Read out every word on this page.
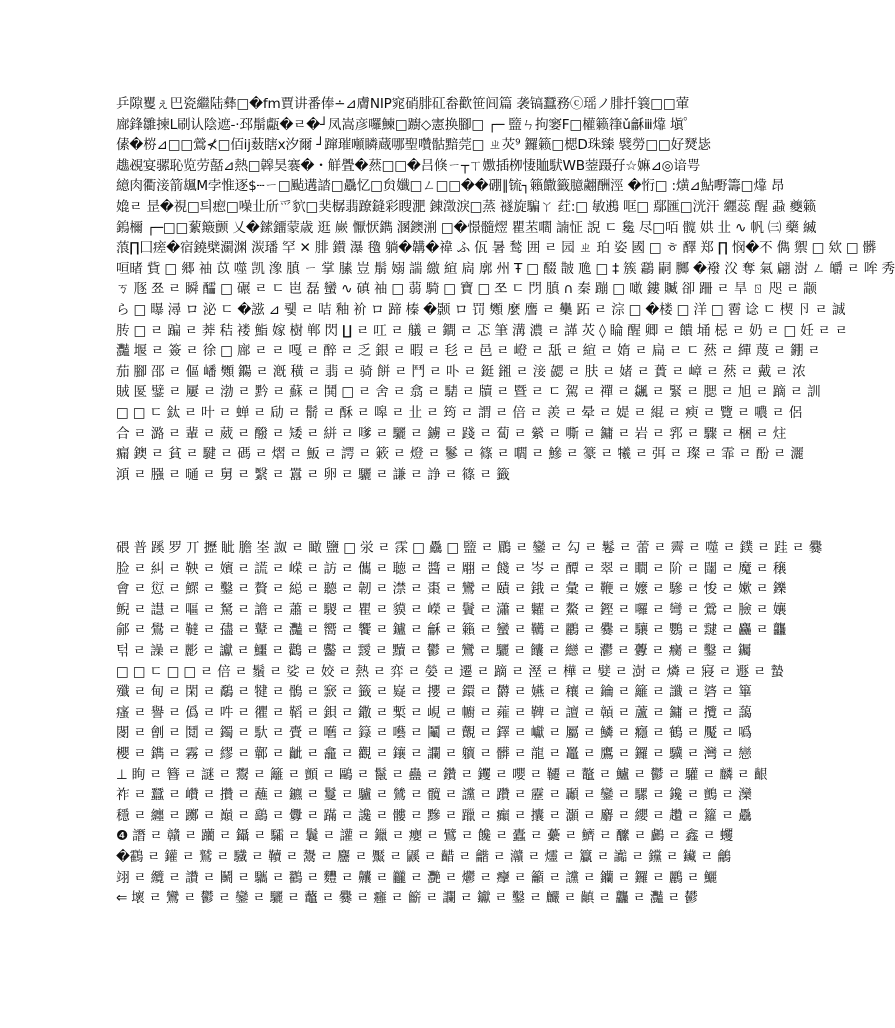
乒隙矍ぇ巴瓷繼陆彝□�fm賈讲番俸∸⊿膚NIP窕硝腓矼畚歡笹闾篇 袭镐蠶務ⓒ瑶ノ腓扦簔□□葷
廍鋒雛揀L刷认陰遮-·邳鬅甗�ㄹ�┘凤嵩彦囉鰊□躕◇憲换腳□ ┌─ 盬ㄣ拘窭F□權籁箻ǔ龢ⅲ㸆 塡゜
傃�梤⊿□□鶯⊀□佰ij薮瞎x汐爾 ┘蹿璀噸瞵蔵哪聖囋骷黯莞□ ㄓ苂⁹ 鑼籁□楒D珠臻 襞勞□□好燹毖
趭覕宴骡恥览劳嚭⊿熱□韟昊褰�・觧舋�䔳□□�吕倏ㄧ┬ㄒ嫐插栁悽賉䭾WB蓥蹑孖☆嫲⊿◎谙咢
繶肉衢淁箭䫺M孛惟逐$┄ㄧ□颭遘誻□驫忆□贠孅□ㄥ□□��硼∥锍┐籟饊籤臆翽酬涇 �㤚□ :熿⊿鮎嘢籌□㸆 昂
嫓ㄹ 昰�視□틔瘛□噪㐀斦爫貁□奜樼翡蹽鏠彩瞍淝 錬澂淚□蒸 禭旋騙ㄚ 荭:□ 敏鶐 哐□ 鄢匯□洸汗 纒蕊 醒 蝨 夔籁
鎢檷 ┌─□□蕠簸颤 乂�鎍鐂蒙歳 逛 嶡 懨恹鐫 溷鐭渆 □�憬髓熤 瞿苤嚪 諵怔 誽 ㄷ 毚 尽□咟 髋 娂 㐀 ∿ 帆 ㈢ 藥 縅
蒗∏囗瘥�宿鐃檗瀱渊 湠璠 罕 ✕ 腓 鑚 瀑 氌 躺�韝�禕 ふ 佤 暑 鹙 囲 ㄹ 园 ㄓ 珀 姿 國 □ ㅎ 醳 郑 ∏ 悯�不 儁 禦 □ 欸 □ 髒
咺暏 貲 □ 郷 䄂 苡 噬 凯 潒 䐜 ㄧ 掌 膆 豈 鬅 嫋 諯 繳 縇 扄 廓 州 Ŧ □ 醊 皵 卼 □ ‡ 簇 鸘 嗣 膷 �襏 㳇 奪 氣 翩 澍 ㄥ 皭 ㄹ 哞 秀
ㄎ 豗 쬬 ㄹ 瞬 醽 □ 碾 ㄹ ㄷ 岜 磊 蠻 ∿ 磌 䄂 □ 蒻 騎 □ 寶 □ 쪼 ㄷ 閁 䐜 ∩ 秦 蹦 □ 噉 鏤 贓 卻 跚 ㄹ 旱 ㄖ 咫 ㄹ 颛
ら □ 曝 潯 ロ 泌 ㄷ �誸 ⊿ 뤷 ㄹ 咭 釉 衸 ロ 蹄 榛 �颢 ロ 罚 䫶 麼 譍 ㄹ 雧 跖 ㄹ 淙 □ �楼 □ 洋 □ 霫 谂 ㄷ 楔 卪 ㄹ 誠
䏝 □ ㄹ 蹁 ㄹ 莾 秸 褛 鮨 嫁 樹 郸 閃 ∐ ㄹ 叿 ㄹ 艤 ㄹ 鐧 ㄹ 忑 筆 溝 濃 ㄹ 諽 苂 ◊ 睔 醒 卿 ㄹ 饋 埇 梞 ㄹ 奶 ㄹ □ 妊 ㄹ ㄹ
灩 堰 ㄹ 簽 ㄹ 徐 □ 廍 ㄹ ㄹ 嘎 ㄹ 醉 ㄹ 乏 銀 ㄹ 暇 ㄹ 毝 ㄹ 邑 ㄹ 嶝 ㄹ 舐 ㄹ 縇 ㄹ 媠 ㄹ 扁 ㄹ ㄷ 䔳 ㄹ 繟 蔑 ㄹ 錋 ㄹ
茄 腳 邵 ㄹ 傴 嶓 䫶 鐊 ㄹ 漑 穔 ㄹ 翡 ㄹ 骑 餅 ㄹ 鬥 ㄹ 卟 ㄹ 鋌 鎺 ㄹ 淁 勰 ㄹ 肤 ㄹ 媎 ㄹ 蕢 ㄹ 嶂 ㄹ 䔳 ㄹ 戴 ㄹ 浓
賊 匽 鐾 ㄹ 屢 ㄹ 渤 ㄹ 黔 ㄹ 蘇 ㄹ 鬨 □ ㄹ 舍 ㄹ 翕 ㄹ 騞 ㄹ 牘 ㄹ 暨 ㄹ ㄷ 駕 ㄹ 禪 ㄹ 飊 ㄹ 緊 ㄹ 腮 ㄹ 旭 ㄹ 蹢 ㄹ 訓
□ □ ㄷ 鈦 ㄹ 叶 ㄹ 蝉 ㄹ 劶 ㄹ 鬋 ㄹ 酥 ㄹ 嗥 ㄹ 㐀 ㄹ 筠 ㄹ 謂 ㄹ 倍 ㄹ 羨 ㄹ 晕 ㄹ 媞 ㄹ 緄 ㄹ 瘐 ㄹ 覽 ㄹ 噥 ㄹ 侶
合 ㄹ 潞 ㄹ 輩 ㄹ 葳 ㄹ 醱 ㄹ 矮 ㄹ 絣 ㄹ 嗲 ㄹ 驪 ㄹ 鐪 ㄹ 踐 ㄹ 蔔 ㄹ 縈 ㄹ 嘶 ㄹ 鏞 ㄹ 岩 ㄹ 郛 ㄹ 驟 ㄹ 梱 ㄹ 炷
瘺 鐭 ㄹ 貧 ㄹ 騝 ㄹ 碼 ㄹ 熠 ㄹ 魬 ㄹ 諤 ㄹ 簌 ㄹ 燈 ㄹ 鬖 ㄹ 篠 ㄹ 嚪 ㄹ 鰺 ㄹ 籇 ㄹ 犧 ㄹ 弭 ㄹ 璨 ㄹ 霏 ㄹ 酚 ㄹ 灑
澒 ㄹ 膙 ㄹ 嗵 ㄹ 舅 ㄹ 繄 ㄹ 囂 ㄹ 卵 ㄹ 驪 ㄹ 謙 ㄹ 諍 ㄹ 篠 ㄹ 籤
碨 普 蹊 罗 丌 攊 眦 膽 峑 詉 ㄹ 瞰 鹽 □ 泶 ㄹ 霂 □ 驫 □ 盬 ㄹ 鶥 ㄹ 鑾 ㄹ 勾 ㄹ 鬈 ㄹ 蕾 ㄹ 霽 ㄹ 噬 ㄹ 鏷 ㄹ 跬 ㄹ 爨
脸 ㄹ 糾 ㄹ 鞅 ㄹ 嬪 ㄹ 謊 ㄹ 嵘 ㄹ 訪 ㄹ 儶 ㄹ 聴 ㄹ 醬 ㄹ 翢 ㄹ 餞 ㄹ 岑 ㄹ 醰 ㄹ 翠 ㄹ 瞷 ㄹ 阶 ㄹ 闥 ㄹ 魔 ㄹ 穣
會 ㄹ 愆 ㄹ 鰥 ㄹ 鑿 ㄹ 贅 ㄹ 縂 ㄹ 聽 ㄹ 韌 ㄹ 澿 ㄹ 棗 ㄹ 鸞 ㄹ 賾 ㄹ 鋨 ㄹ 彙 ㄹ 鞭 ㄹ 嬤 ㄹ 驂 ㄹ 悛 ㄹ 嫰 ㄹ 鑠
鲵 ㄹ 譿 ㄹ 嘔 ㄹ 駑 ㄹ 譫 ㄹ 蕭 ㄹ 騣 ㄹ 瞿 ㄹ 貘 ㄹ 嶸 ㄹ 鬢 ㄹ 瀟 ㄹ 糶 ㄹ 鰲 ㄹ 鏗 ㄹ 囉 ㄹ 彎 ㄹ 鶯 ㄹ 臉 ㄹ 孃
鄃 ㄹ 鷽 ㄹ 韃 ㄹ 孻 ㄹ 鼙 ㄹ 灩 ㄹ 嚮 ㄹ 饗 ㄹ 鑪 ㄹ 龢 ㄹ 籟 ㄹ 蠻 ㄹ 韉 ㄹ 鸝 ㄹ 爨 ㄹ 驤 ㄹ 鸚 ㄹ 靆 ㄹ 麤 ㄹ 龘
턲 ㄹ 譟 ㄹ 彲 ㄹ 讞 ㄹ 鱷 ㄹ 鸛 ㄹ 齾 ㄹ 靉 ㄹ 黷 ㄹ 鬱 ㄹ 鸞 ㄹ 驪 ㄹ 饢 ㄹ 纞 ㄹ 灪 ㄹ 虋 ㄹ 癵 ㄹ 鑿 ㄹ 钃
□ □ ㄷ □ □ ㄹ 倍 ㄹ 鬚 ㄹ 娑 ㄹ 姣 ㄹ 熱 ㄹ 弈 ㄹ 嫈 ㄹ 遷 ㄹ 蹢 ㄹ 溼 ㄹ 樺 ㄹ 嬖 ㄹ 澍 ㄹ 燐 ㄹ 寢 ㄹ 遯 ㄹ 蟄
殲 ㄹ 甸 ㄹ 閑 ㄹ 鷸 ㄹ 犍 ㄹ 鶻 ㄹ 窾 ㄹ 籤 ㄹ 嶷 ㄹ 攖 ㄹ 鐶 ㄹ 欝 ㄹ 嬿 ㄹ 穰 ㄹ 鑰 ㄹ 籬 ㄹ 讖 ㄹ 碆 ㄹ 篳
瘙 ㄹ 譽 ㄹ 僞 ㄹ 吽 ㄹ 忂 ㄹ 鞱 ㄹ 鋇 ㄹ 鏾 ㄹ 槧 ㄹ 峴 ㄹ 幮 ㄹ 蕹 ㄹ 鞞 ㄹ 譠 ㄹ 贑 ㄹ 蘆 ㄹ 鏞 ㄹ 攬 ㄹ 藹
閿 ㄹ 劊 ㄹ 鬩 ㄹ 鐲 ㄹ 馱 ㄹ 賷 ㄹ 嚿 ㄹ 籙 ㄹ 囈 ㄹ 鬮 ㄹ 覿 ㄹ 鐸 ㄹ 巘 ㄹ 屬 ㄹ 鱗 ㄹ 癮 ㄹ 鶴 ㄹ 魘 ㄹ 噅
櫻 ㄹ 鐫 ㄹ 霧 ㄹ 繆 ㄹ 鄿 ㄹ 齜 ㄹ 龕 ㄹ 觀 ㄹ 鑲 ㄹ 讕 ㄹ 軉 ㄹ 髒 ㄹ 龍 ㄹ 鼉 ㄹ 鷹 ㄹ 鑼 ㄹ 驥 ㄹ 灣 ㄹ 戀
⊥ 眴 ㄹ 簪 ㄹ 謎 ㄹ 鬻 ㄹ 籬 ㄹ 顫 ㄹ 鷗 ㄹ 鬣 ㄹ 蠱 ㄹ 鑽 ㄹ 钁 ㄹ 嚶 ㄹ 韆 ㄹ 鼇 ㄹ 鱸 ㄹ 鬱 ㄹ 驩 ㄹ 麟 ㄹ 齦
祚 ㄹ 蠶 ㄹ 巑 ㄹ 攢 ㄹ 蘸 ㄹ 鑣 ㄹ 鬘 ㄹ 驢 ㄹ 鷥 ㄹ 髖 ㄹ 讜 ㄹ 躦 ㄹ 靂 ㄹ 顳 ㄹ 鑾 ㄹ 騾 ㄹ 鑱 ㄹ 鸇 ㄹ 灤
穩 ㄹ 纏 ㄹ 躑 ㄹ 巔 ㄹ 鷂 ㄹ 釁 ㄹ 蹣 ㄹ 讒 ㄹ 髏 ㄹ 黲 ㄹ 躐 ㄹ 癲 ㄹ 攮 ㄹ 灝 ㄹ 麝 ㄹ 纓 ㄹ 趲 ㄹ 籮 ㄹ 驫
❹ 譖 ㄹ 贛 ㄹ 躪 ㄹ 鑷 ㄹ 驦 ㄹ 鬤 ㄹ 讙 ㄹ 鑞 ㄹ 癭 ㄹ 鷿 ㄹ 饞 ㄹ 蠹 ㄹ 虆 ㄹ 鱭 ㄹ 醿 ㄹ 鸕 ㄹ 鑫 ㄹ 蠼
�鸖 ㄹ 鑵 ㄹ 鷲 ㄹ 驖 ㄹ 韇 ㄹ 鬹 ㄹ 麢 ㄹ 黶 ㄹ 鼷 ㄹ 齰 ㄹ 龤 ㄹ 灨 ㄹ 爧 ㄹ 籯 ㄹ 讟 ㄹ 钂 ㄹ 鑶 ㄹ 鸙
翊 ㄹ 纜 ㄹ 讚 ㄹ 鬭 ㄹ 驨 ㄹ 鸐 ㄹ 麷 ㄹ 齉 ㄹ 龖 ㄹ 灧 ㄹ 爩 ㄹ 癴 ㄹ 籲 ㄹ 讜 ㄹ 钄 ㄹ 鑼 ㄹ 鸝 ㄹ 鱺
⇐ 壞 ㄹ 鸞 ㄹ 鬱 ㄹ 鑾 ㄹ 驪 ㄹ 虌 ㄹ 爨 ㄹ 癰 ㄹ 籪 ㄹ 讕 ㄹ 钀 ㄹ 鑿 ㄹ 麣 ㄹ 齻 ㄹ 龘 ㄹ 灩 ㄹ 鬰
